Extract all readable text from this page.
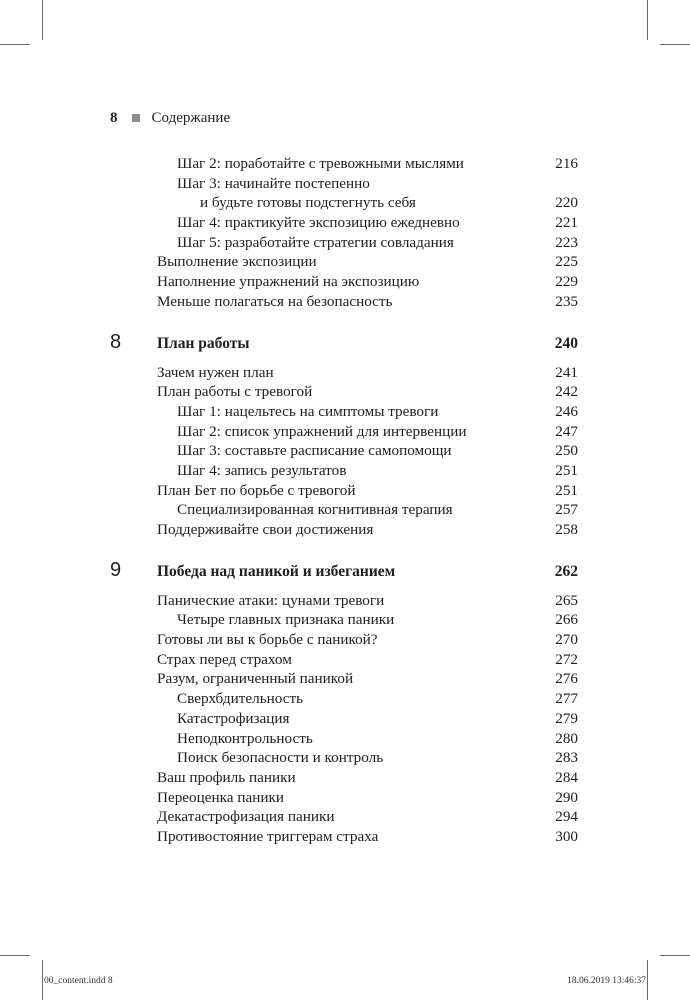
8 Содержание
Шаг 2: поработайте с тревожными мыслями	216
Шаг 3: начинайте постепенно
и будьте готовы подстегнуть себя	220
Шаг 4: практикуйте экспозицию ежедневно	221
Шаг 5: разработайте стратегии совладания	223
Выполнение экспозиции	225
Наполнение упражнений на экспозицию	229
Меньше полагаться на безопасность	235
8 План работы	240
Зачем нужен план	241
План работы с тревогой	242
Шаг 1: нацельтесь на симптомы тревоги	246
Шаг 2: список упражнений для интервенции	247
Шаг 3: составьте расписание самопомощи	250
Шаг 4: запись результатов	251
План Бет по борьбе с тревогой	251
Специализированная когнитивная терапия	257
Поддерживайте свои достижения	258
9 Победа над паникой и избеганием	262
Панические атаки: цунами тревоги	265
Четыре главных признака паники	266
Готовы ли вы к борьбе с паникой?	270
Страх перед страхом	272
Разум, ограниченный паникой	276
Сверхбдительность	277
Катастрофизация	279
Неподконтрольность	280
Поиск безопасности и контроль	283
Ваш профиль паники	284
Переоценка паники	290
Декатастрофизация паники	294
Противостояние триггерам страха	300
00_content.indd 8	18.06.2019 13:46:37
